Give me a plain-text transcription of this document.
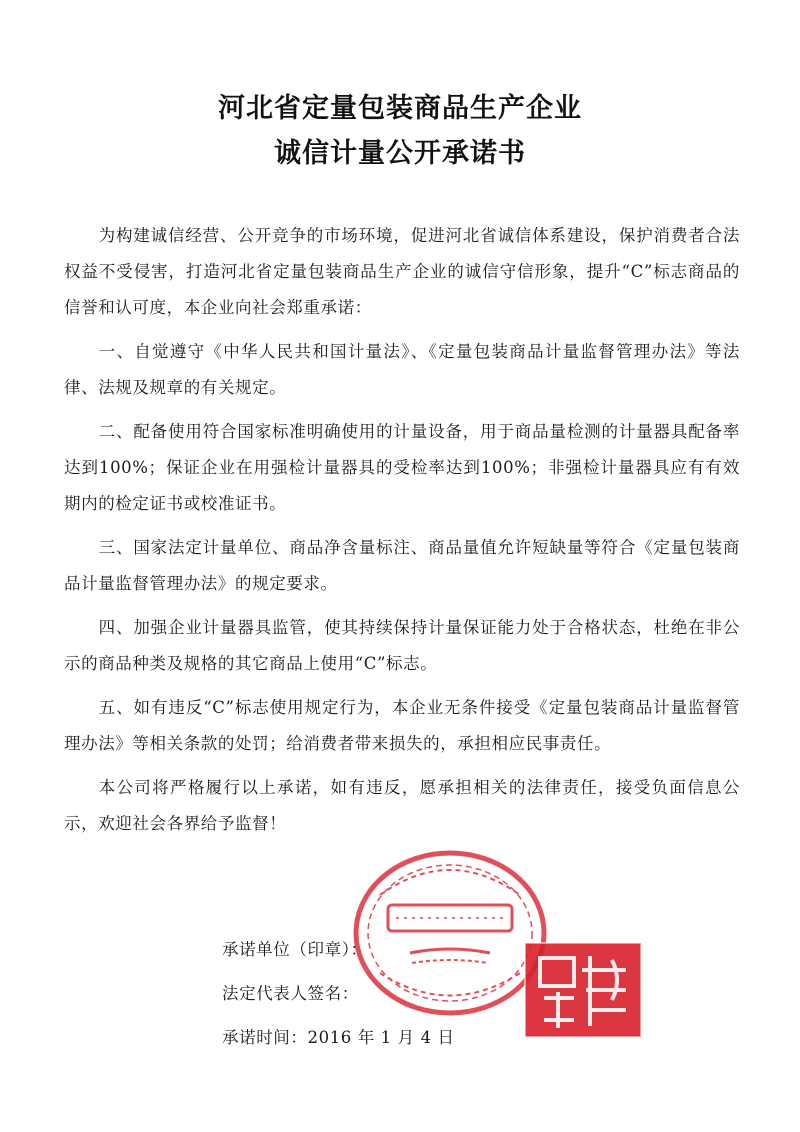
河北省定量包装商品生产企业
诚信计量公开承诺书

为构建诚信经营、公开竞争的市场环境，促进河北省诚信体系建设，保护消费者合法权益不受侵害，打造河北省定量包装商品生产企业的诚信守信形象，提升“C”标志商品的信誉和认可度，本企业向社会郑重承诺：

一、自觉遵守《中华人民共和国计量法》、《定量包装商品计量监督管理办法》等法律、法规及规章的有关规定。

二、配备使用符合国家标准明确使用的计量设备，用于商品量检测的计量器具配备率达到100%；保证企业在用强检计量器具的受检率达到100%；非强检计量器具应有有效期内的检定证书或校准证书。

三、国家法定计量单位、商品净含量标注、商品量值允许短缺量等符合《定量包装商品计量监督管理办法》的规定要求。

四、加强企业计量器具监管，使其持续保持计量保证能力处于合格状态，杜绝在非公示的商品种类及规格的其它商品上使用“C”标志。

五、如有违反“C”标志使用规定行为，本企业无条件接受《定量包装商品计量监督管理办法》等相关条款的处罚；给消费者带来损失的，承担相应民事责任。

本公司将严格履行以上承诺，如有违反，愿承担相关的法律责任，接受负面信息公示，欢迎社会各界给予监督！

承诺单位（印章）：
法定代表人签名：
承诺时间：2016 年 1 月 4 日
